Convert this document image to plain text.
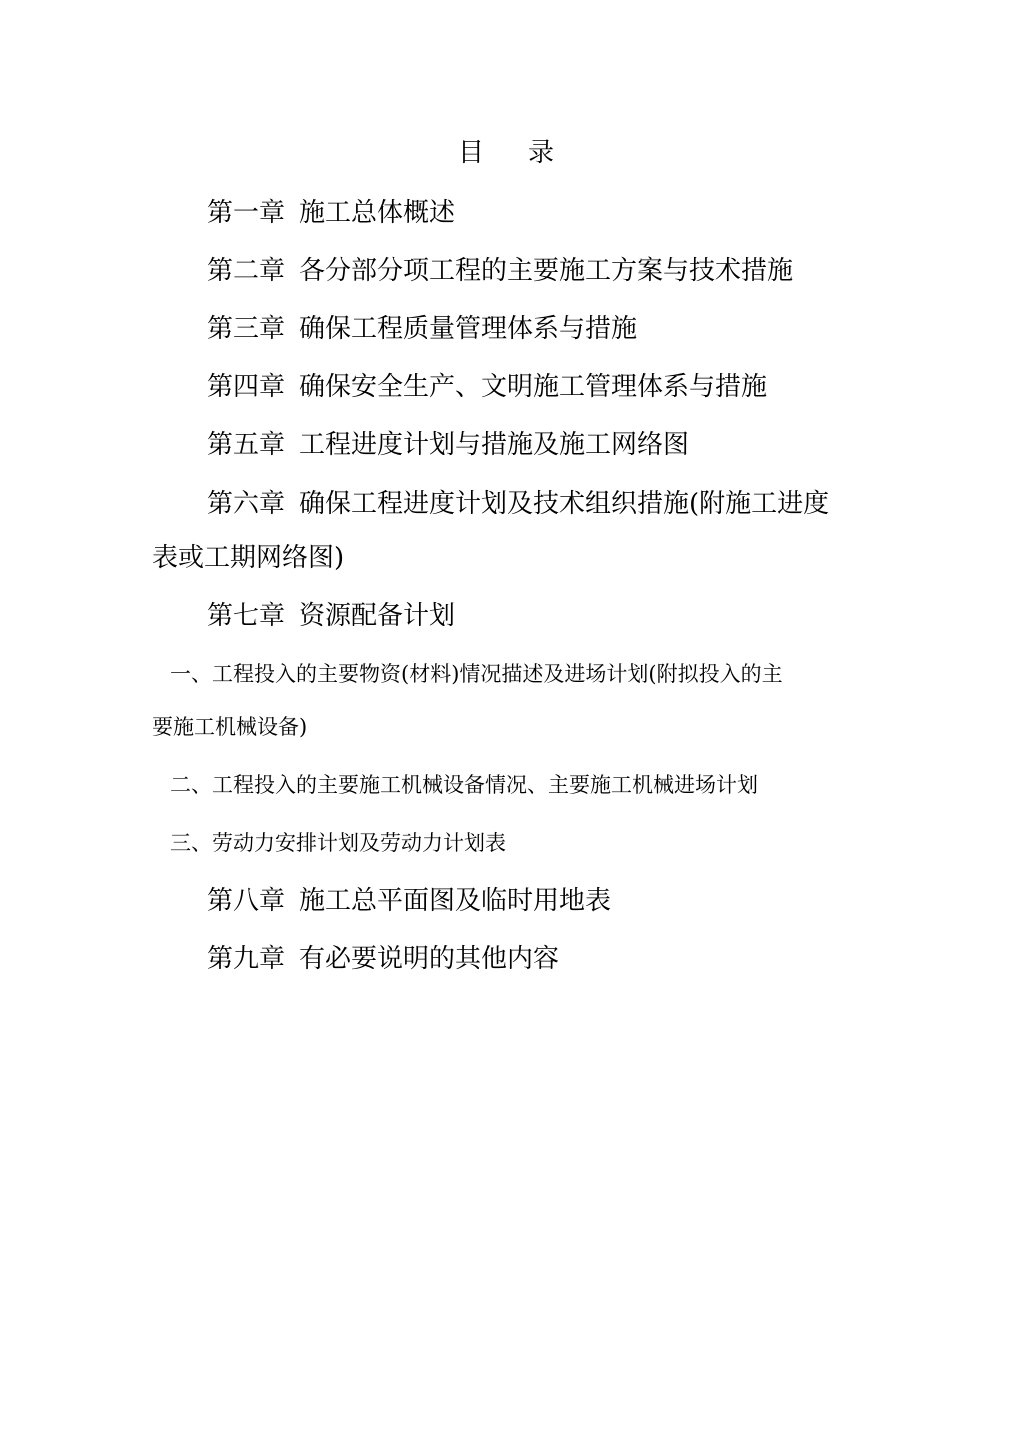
目 录
第一章 施工总体概述
第二章 各分部分项工程的主要施工方案与技术措施
第三章 确保工程质量管理体系与措施
第四章 确保安全生产、文明施工管理体系与措施
第五章 工程进度计划与措施及施工网络图
第六章 确保工程进度计划及技术组织措施(附施工进度
表或工期网络图)
第七章 资源配备计划
一、工程投入的主要物资(材料)情况描述及进场计划(附拟投入的主
要施工机械设备)
二、工程投入的主要施工机械设备情况、主要施工机械进场计划
三、劳动力安排计划及劳动力计划表
第八章 施工总平面图及临时用地表
第九章 有必要说明的其他内容
